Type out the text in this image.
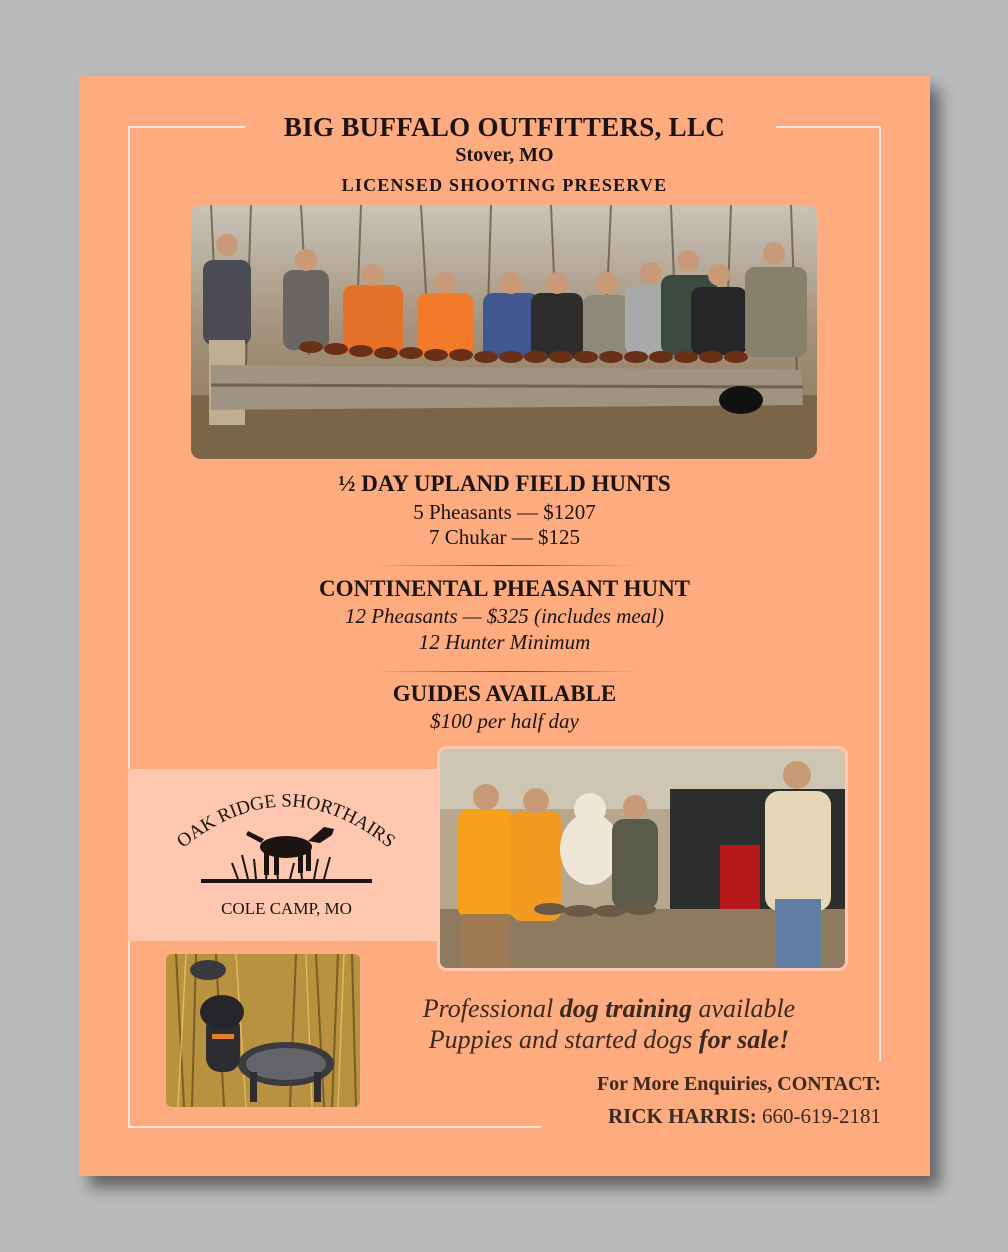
BIG BUFFALO OUTFITTERS, LLC
Stover, MO
LICENSED SHOOTING PRESERVE
½ DAY UPLAND FIELD HUNTS
5 Pheasants — $1207
7 Chukar — $125
CONTINENTAL PHEASANT HUNT
12 Pheasants — $325 (includes meal)
12 Hunter Minimum
GUIDES AVAILABLE
$100 per half day
OAK RIDGE SHORTHAIRS
COLE CAMP, MO
Professional dog training available
Puppies and started dogs for sale!
For More Enquiries, CONTACT:
RICK HARRIS: 660-619-2181
